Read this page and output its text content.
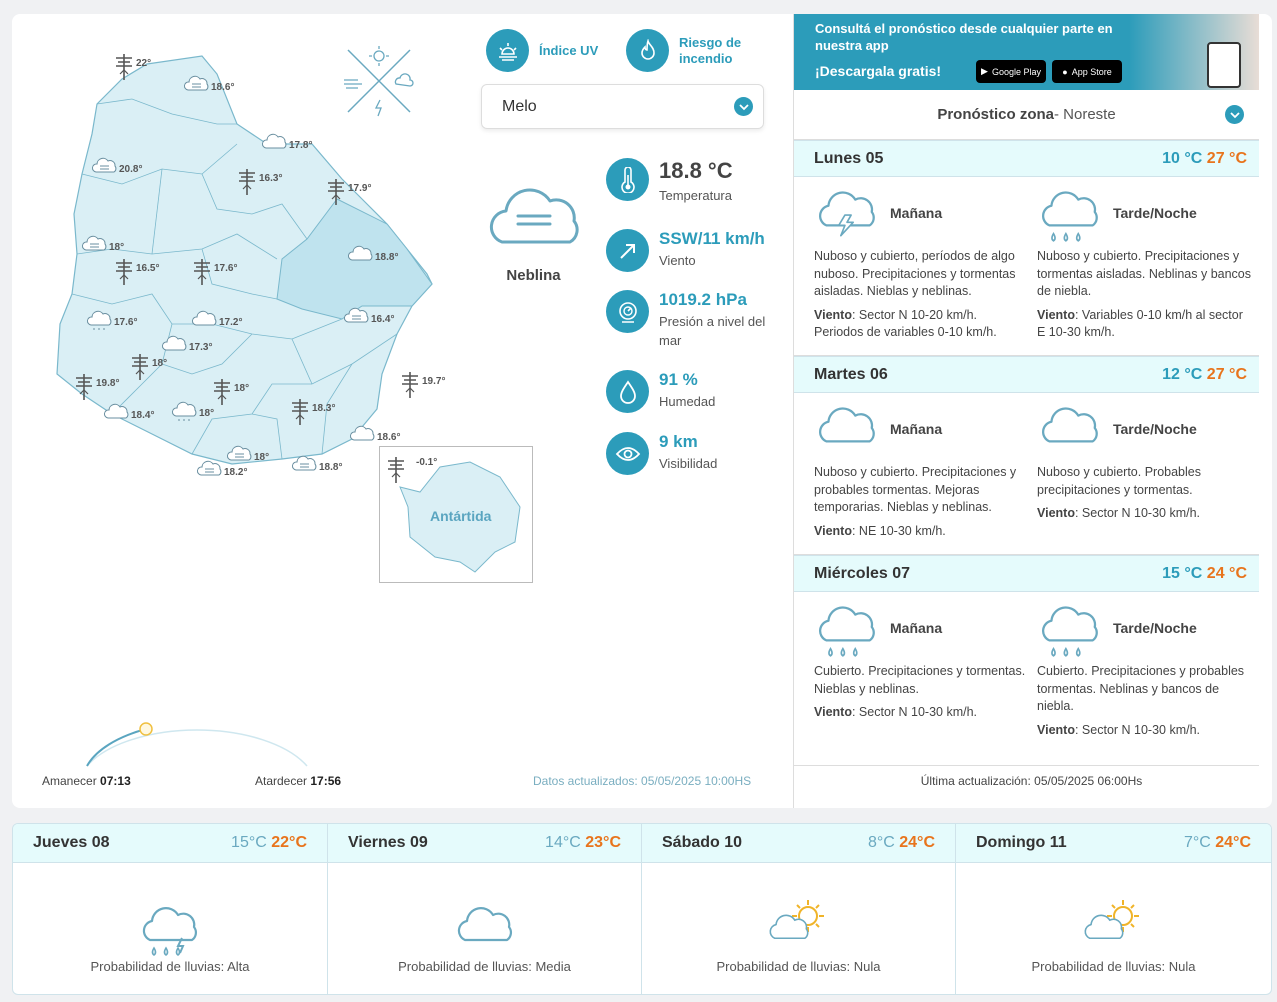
22°
18.6°
17.8°
20.8°
16.3°
17.9°
18°
18.8°
16.5°	17.6°
16.4°
17.6°	17.2°
17.3°
18°
19.7°
19.8°	18°
18.4°	18°	18.3°
18.6°
18°
18.2°	18.8°	-0.1°
Antártida
Índice UV
Riesgo de
incendio
Melo
Neblina
18.8 °C
Temperatura
SSW/11 km/h
Viento
1019.2 hPa
Presión a nivel del mar
91 %
Humedad
9 km
Visibilidad
Amanecer 07:13	Atardecer 17:56	Datos actualizados: 05/05/2025 10:00HS
Consultá el pronóstico desde cualquier parte en nuestra app
¡Descargala gratis!	▶ Google Play ● App Store
Pronóstico zona - Noreste
Lunes 05	10 °C 27 °C
Mañana
Nuboso y cubierto, períodos de algo nuboso. Precipitaciones y tormentas aisladas. Nieblas y neblinas.
Viento: Sector N 10-20 km/h. Periodos de variables 0-10 km/h.
Tarde/Noche
Nuboso y cubierto. Precipitaciones y tormentas aisladas. Neblinas y bancos de niebla.
Viento: Variables 0-10 km/h al sector E 10-30 km/h.
Martes 06	12 °C 27 °C
Mañana
Nuboso y cubierto. Precipitaciones y probables tormentas. Mejoras temporarias. Nieblas y neblinas.
Viento: NE 10-30 km/h.
Tarde/Noche
Nuboso y cubierto. Probables precipitaciones y tormentas.
Viento: Sector N 10-30 km/h.
Miércoles 07	15 °C 24 °C
Mañana
Cubierto. Precipitaciones y tormentas. Nieblas y neblinas.
Viento: Sector N 10-30 km/h.
Tarde/Noche
Cubierto. Precipitaciones y probables tormentas. Neblinas y bancos de niebla.
Viento: Sector N 10-30 km/h.
Última actualización: 05/05/2025 06:00Hs
Jueves 08	15°C 22°C
Probabilidad de lluvias: Alta
Viernes 09	14°C 23°C
Probabilidad de lluvias: Media
Sábado 10	8°C 24°C
Probabilidad de lluvias: Nula
Domingo 11	7°C 24°C
Probabilidad de lluvias: Nula
